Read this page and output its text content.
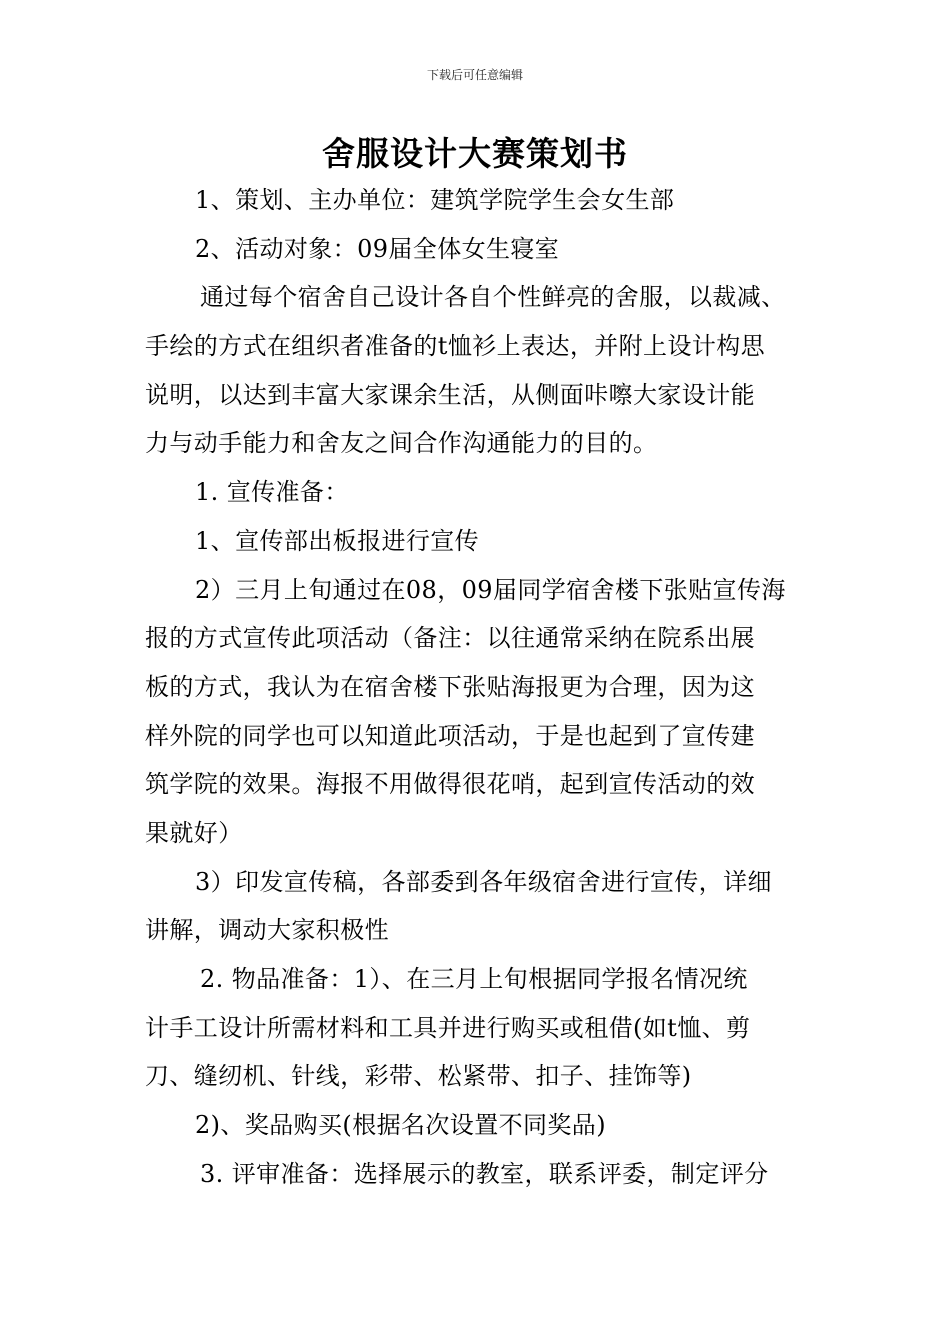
下载后可任意编辑
舍服设计大赛策划书
1、策划、主办单位：建筑学院学生会女生部
2、活动对象：09届全体女生寝室
通过每个宿舍自己设计各自个性鲜亮的舍服，以裁减、
手绘的方式在组织者准备的t恤衫上表达，并附上设计构思
说明，以达到丰富大家课余生活，从侧面咔嚓大家设计能
力与动手能力和舍友之间合作沟通能力的目的。
1. 宣传准备：
1、宣传部出板报进行宣传
2）三月上旬通过在08，09届同学宿舍楼下张贴宣传海
报的方式宣传此项活动（备注：以往通常采纳在院系出展
板的方式，我认为在宿舍楼下张贴海报更为合理，因为这
样外院的同学也可以知道此项活动，于是也起到了宣传建
筑学院的效果。海报不用做得很花哨，起到宣传活动的效
果就好）
3）印发宣传稿，各部委到各年级宿舍进行宣传，详细
讲解，调动大家积极性
2. 物品准备：1）、在三月上旬根据同学报名情况统
计手工设计所需材料和工具并进行购买或租借(如t恤、剪
刀、缝纫机、针线，彩带、松紧带、扣子、挂饰等)
2)、奖品购买(根据名次设置不同奖品)
3. 评审准备：选择展示的教室，联系评委，制定评分
